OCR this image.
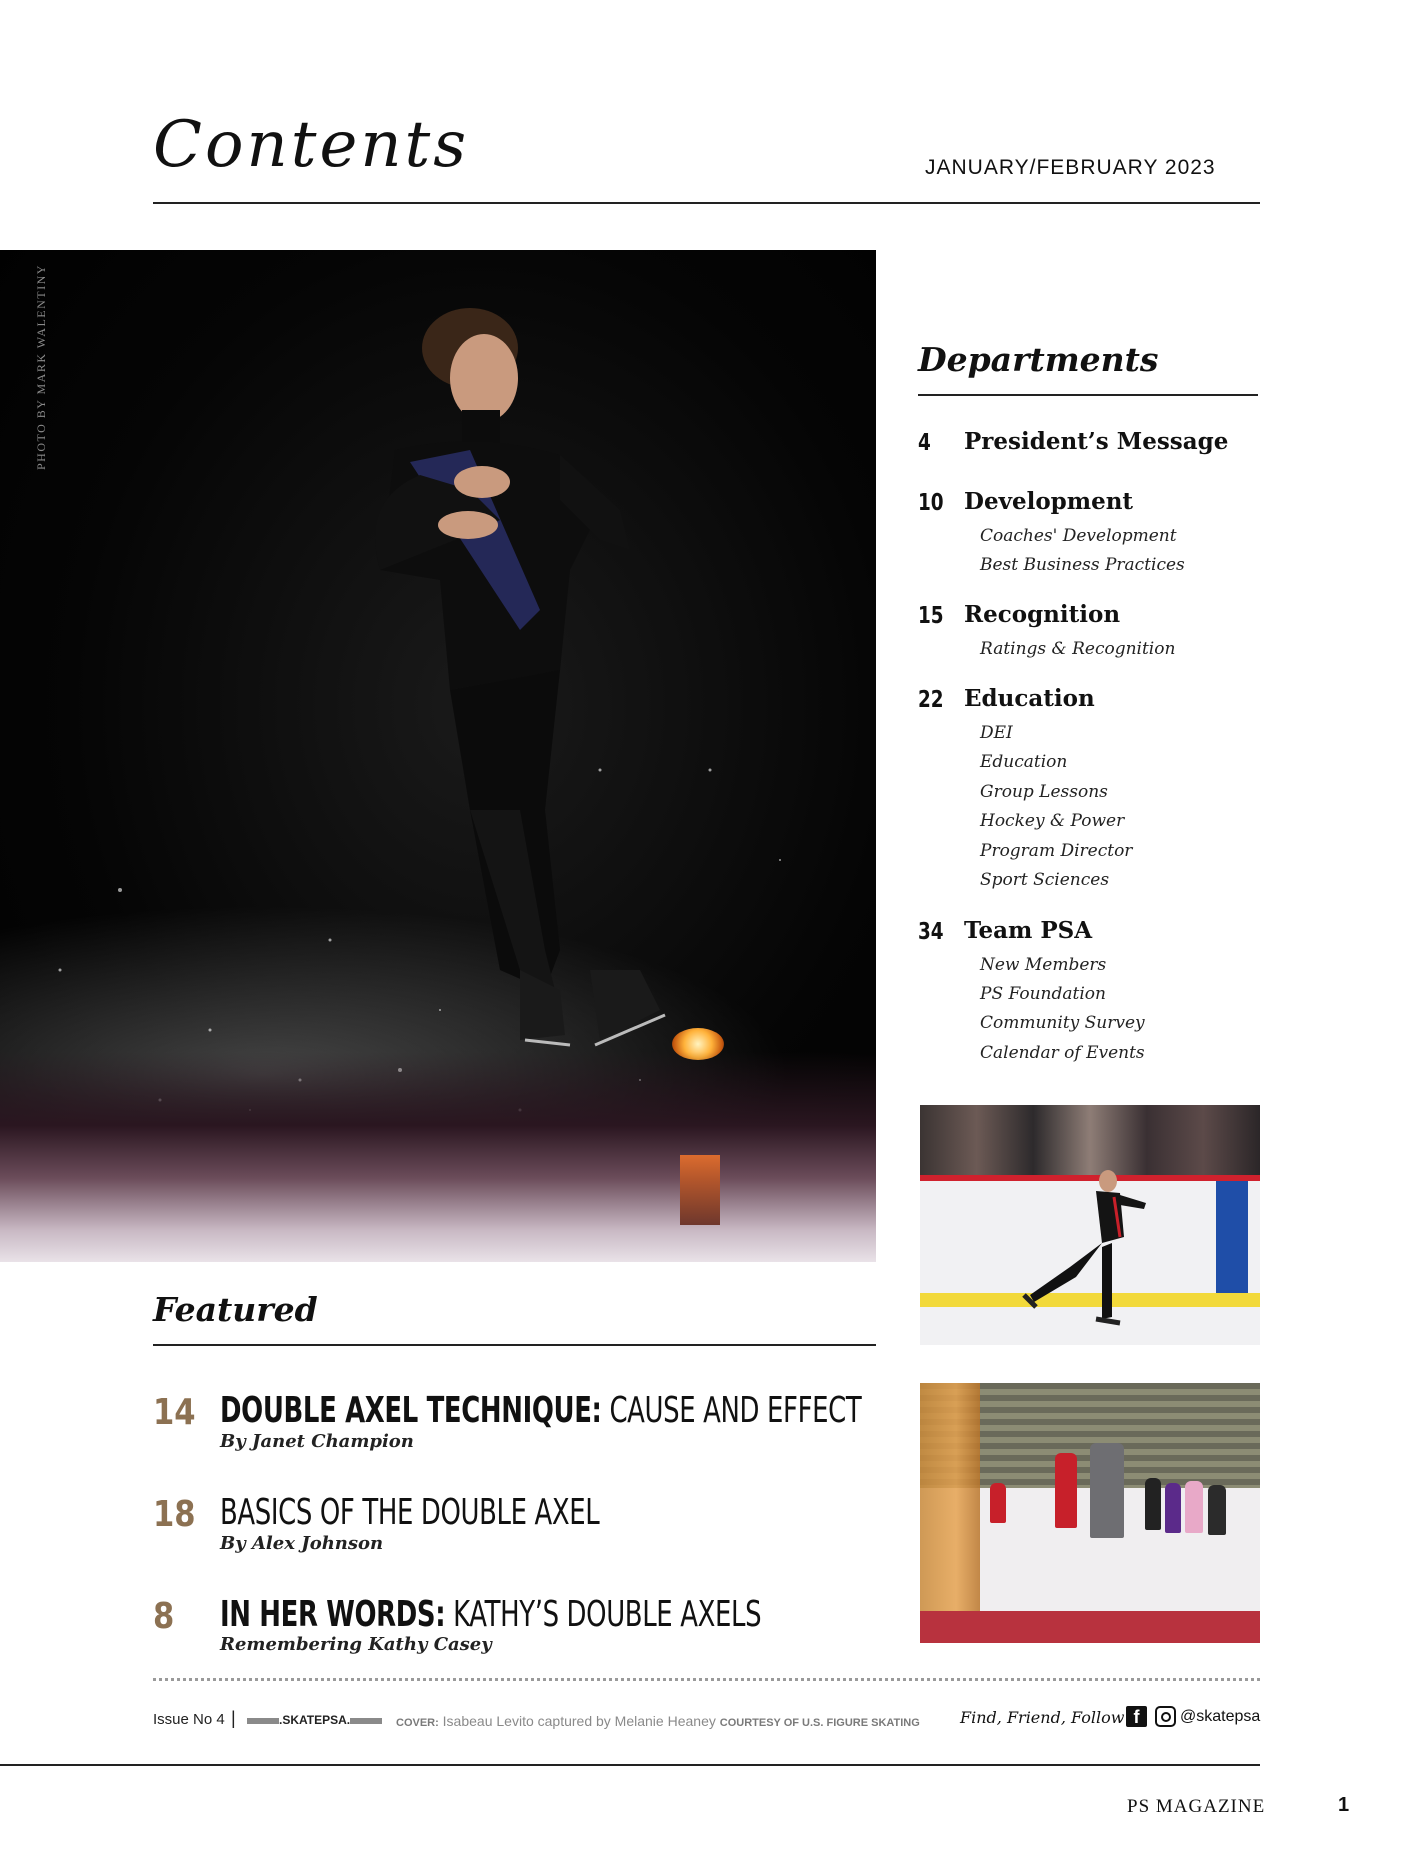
Contents	JANUARY/FEBRUARY 2023
PHOTO BY MARK WALENTINY	Departments
4 President’s Message
10 Development
Coaches' Development
Best Business Practices
15 Recognition
Ratings & Recognition
22 Education
DEI
Education
Group Lessons
Hockey & Power
Program Director
Sport Sciences
34 Team PSA
New Members
PS Foundation
Community Survey
Calendar of Events
Featured
14 DOUBLE AXEL TECHNIQUE: CAUSE AND EFFECT
By Janet Champion
18 BASICS OF THE DOUBLE AXEL
By Alex Johnson
8 IN HER WORDS: KATHY’S DOUBLE AXELS
Remembering Kathy Casey
Issue No 4 |	.SKATEPSA.	COVER: Isabeau Levito captured by Melanie Heaney COURTESY OF U.S. FIGURE SKATING	Find, Friend, Follow f	@skatepsa
PS MAGAZINE	1
